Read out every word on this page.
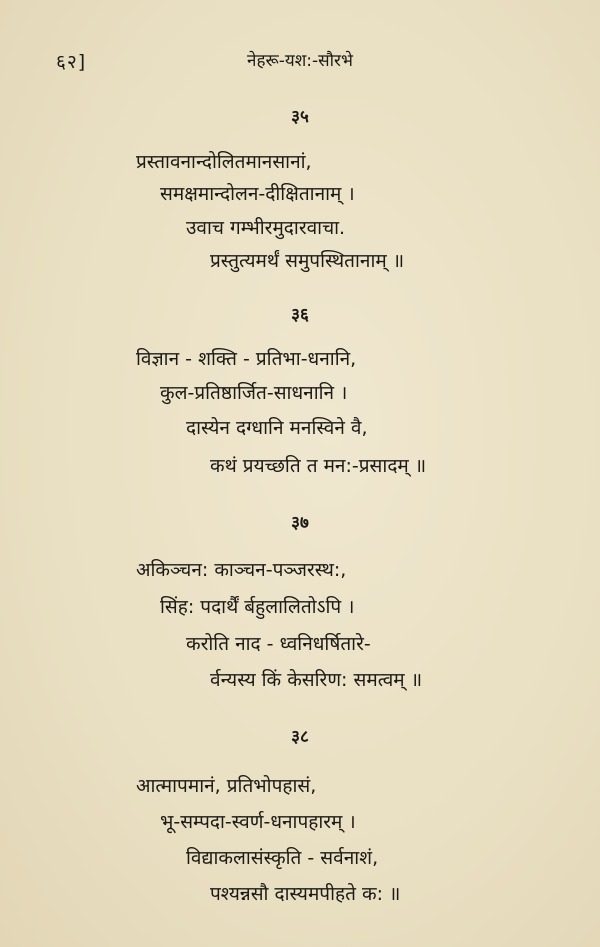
६२]	नेहरू-यश:-सौरभे
३५
प्रस्तावनान्दोलितमानसानां,
समक्षमान्दोलन-दीक्षितानाम् ।
उवाच गम्भीरमुदारवाचा.
प्रस्तुत्यमर्थं समुपस्थितानाम् ॥
३६
विज्ञान - शक्ति - प्रतिभा-धनानि,
कुल-प्रतिष्ठार्जित-साधनानि ।
दास्येन दग्धानि मनस्विने वै,
कथं प्रयच्छति त मन:-प्रसादम् ॥
३७
अकिञ्चन: काञ्चन-पञ्जरस्थ:,
सिंह: पदार्थैं र्बहुलालितोऽपि ।
करोति नाद - ध्वनिधर्षितारे-
र्वन्यस्य किं केसरिण: समत्वम् ॥
३८
आत्मापमानं, प्रतिभोपहासं,
भू-सम्पदा-स्वर्ण-धनापहारम् ।
विद्याकलासंस्कृति - सर्वनाशं,
पश्यन्नसौ दास्यमपीहते क: ॥
